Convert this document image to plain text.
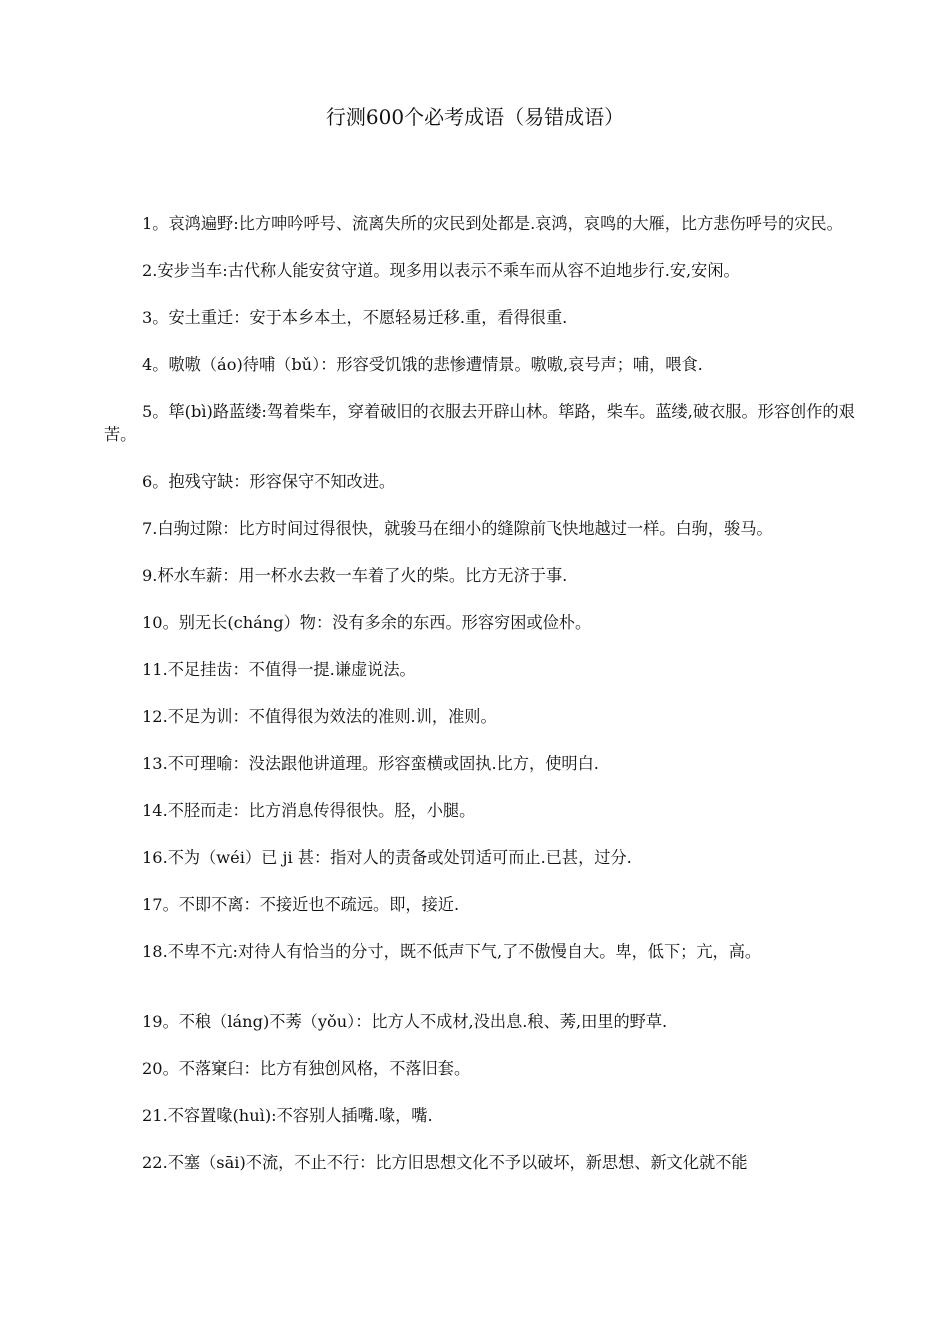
行测600个必考成语（易错成语）
1。哀鸿遍野:比方呻吟呼号、流离失所的灾民到处都是.哀鸿，哀鸣的大雁，比方悲伤呼号的灾民。
2.安步当车:古代称人能安贫守道。现多用以表示不乘车而从容不迫地步行.安,安闲。
3。安土重迁：安于本乡本土，不愿轻易迁移.重，看得很重.
4。嗷嗷（áo)待哺（bǔ）：形容受饥饿的悲惨遭情景。嗷嗷,哀号声；哺，喂食.
5。筚(bì)路蓝缕:驾着柴车，穿着破旧的衣服去开辟山林。筚路，柴车。蓝缕,破衣服。形容创作的艰苦。
6。抱残守缺：形容保守不知改进。
7.白驹过隙：比方时间过得很快，就骏马在细小的缝隙前飞快地越过一样。白驹，骏马。
9.杯水车薪：用一杯水去救一车着了火的柴。比方无济于事.
10。别无长(cháng）物：没有多余的东西。形容穷困或俭朴。
11.不足挂齿：不值得一提.谦虚说法。
12.不足为训：不值得很为效法的准则.训，准则。
13.不可理喻：没法跟他讲道理。形容蛮横或固执.比方，使明白.
14.不胫而走：比方消息传得很快。胫，小腿。
16.不为（wéi）已 ji 甚：指对人的责备或处罚适可而止.已甚，过分.
17。不即不离：不接近也不疏远。即，接近.
18.不卑不亢:对待人有恰当的分寸，既不低声下气,了不傲慢自大。卑，低下；亢，高。
19。不稂（láng)不莠（yǒu）：比方人不成材,没出息.稂、莠,田里的野草.
20。不落窠臼：比方有独创风格，不落旧套。
21.不容置喙(huì):不容别人插嘴.喙，嘴.
22.不塞（sāi)不流，不止不行：比方旧思想文化不予以破坏，新思想、新文化就不能
